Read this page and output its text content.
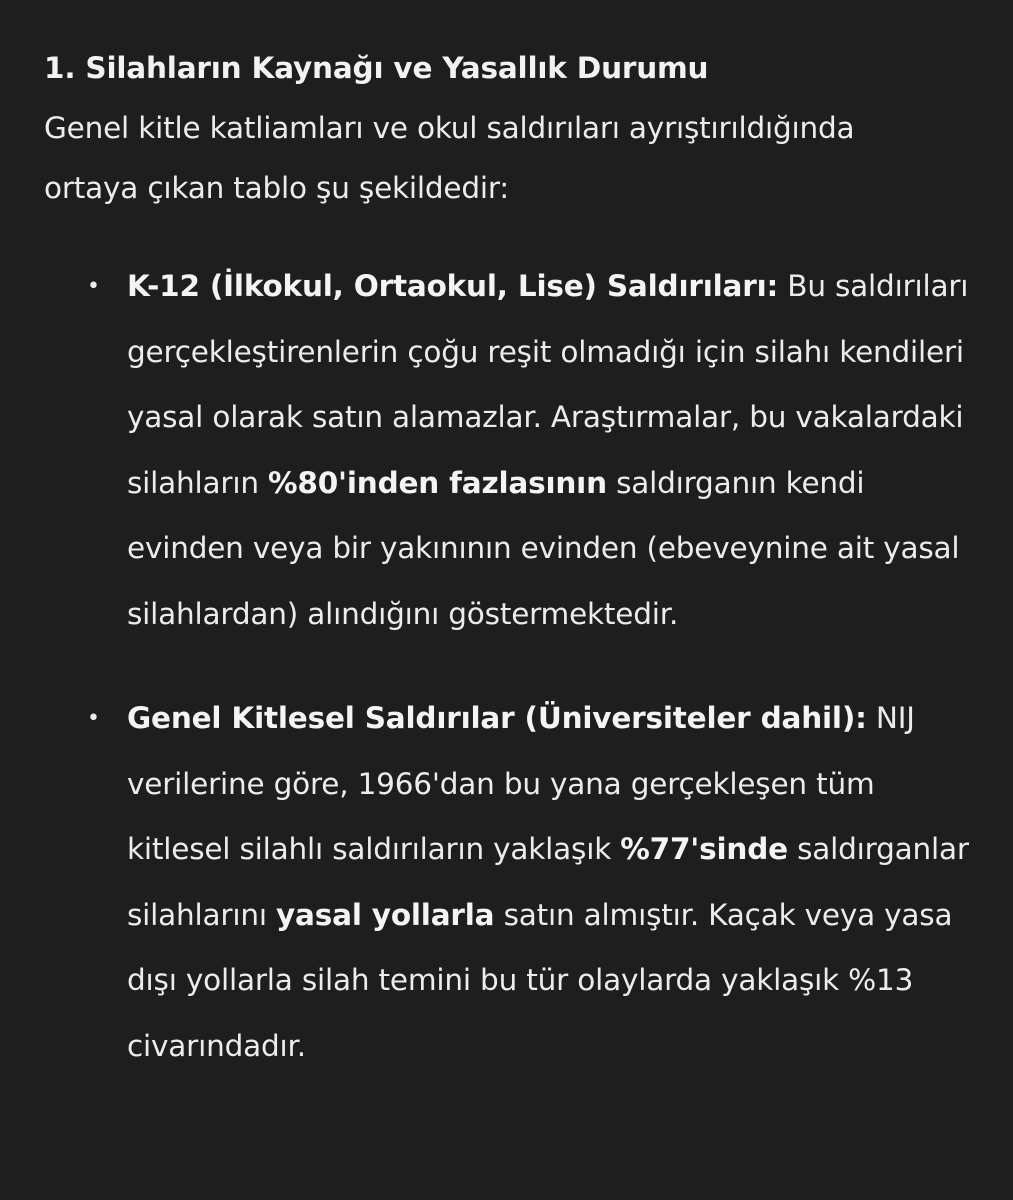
1. Silahların Kaynağı ve Yasallık Durumu

Genel kitle katliamları ve okul saldırıları ayrıştırıldığında ortaya çıkan tablo şu şekildedir:

• K-12 (İlkokul, Ortaokul, Lise) Saldırıları: Bu saldırıları gerçekleştirenlerin çoğu reşit olmadığı için silahı kendileri yasal olarak satın alamazlar. Araştırmalar, bu vakalardaki silahların %80'inden fazlasının saldırganın kendi evinden veya bir yakınının evinden (ebeveynine ait yasal silahlardan) alındığını göstermektedir.
• Genel Kitlesel Saldırılar (Üniversiteler dahil): NIJ verilerine göre, 1966'dan bu yana gerçekleşen tüm kitlesel silahlı saldırıların yaklaşık %77'sinde saldırganlar silahlarını yasal yollarla satın almıştır. Kaçak veya yasa dışı yollarla silah temini bu tür olaylarda yaklaşık %13 civarındadır.
